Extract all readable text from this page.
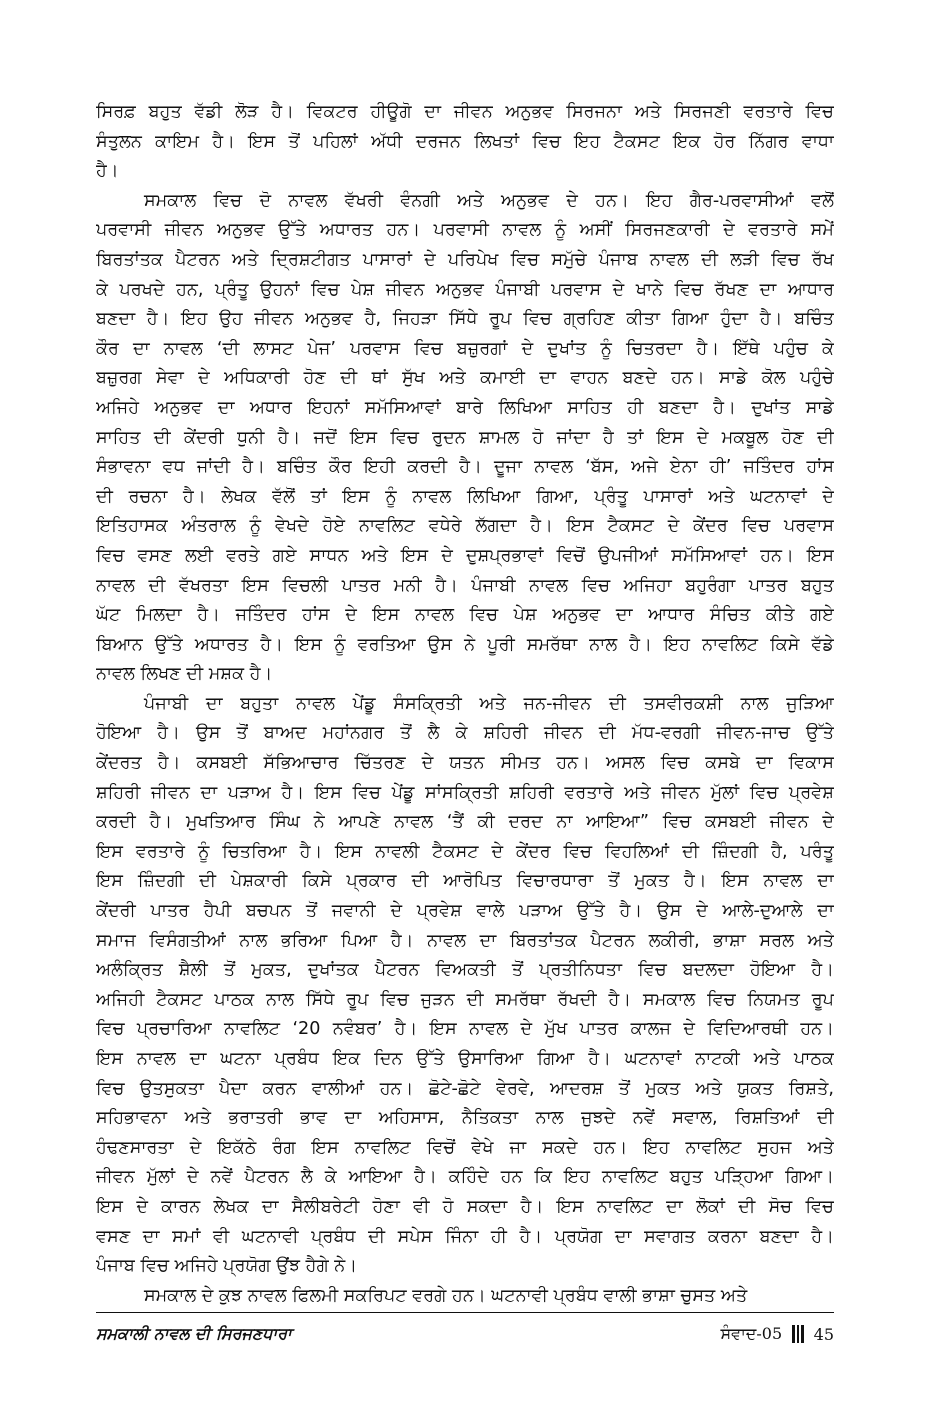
ਸਿਰਫ਼ ਬਹੁਤ ਵੱਡੀ ਲੋੜ ਹੈ। ਵਿਕਟਰ ਹੀਊਗੋ ਦਾ ਜੀਵਨ ਅਨੁਭਵ ਸਿਰਜਨਾ ਅਤੇ ਸਿਰਜਣੀ ਵਰਤਾਰੇ ਵਿਚ
ਸੰਤੁਲਨ ਕਾਇਮ ਹੈ। ਇਸ ਤੋਂ ਪਹਿਲਾਂ ਅੱਧੀ ਦਰਜਨ ਲਿਖਤਾਂ ਵਿਚ ਇਹ ਟੈਕਸਟ ਇਕ ਹੋਰ ਨਿੱਗਰ ਵਾਧਾ
ਹੈ।

ਸਮਕਾਲ ਵਿਚ ਦੋ ਨਾਵਲ ਵੱਖਰੀ ਵੰਨਗੀ ਅਤੇ ਅਨੁਭਵ ਦੇ ਹਨ। ਇਹ ਗੈਰ-ਪਰਵਾਸੀਆਂ ਵਲੋਂ
ਪਰਵਾਸੀ ਜੀਵਨ ਅਨੁਭਵ ਉੱਤੇ ਅਧਾਰਤ ਹਨ। ਪਰਵਾਸੀ ਨਾਵਲ ਨੂੰ ਅਸੀਂ ਸਿਰਜਣਕਾਰੀ ਦੇ ਵਰਤਾਰੇ ਸਮੇਂ
ਬਿਰਤਾਂਤਕ ਪੈਟਰਨ ਅਤੇ ਦ੍ਰਿਸ਼ਟੀਗਤ ਪਾਸਾਰਾਂ ਦੇ ਪਰਿਪੇਖ ਵਿਚ ਸਮੁੱਚੇ ਪੰਜਾਬ ਨਾਵਲ ਦੀ ਲੜੀ ਵਿਚ ਰੱਖ
ਕੇ ਪਰਖਦੇ ਹਨ, ਪ੍ਰੰਤੂ ਉਹਨਾਂ ਵਿਚ ਪੇਸ਼ ਜੀਵਨ ਅਨੁਭਵ ਪੰਜਾਬੀ ਪਰਵਾਸ ਦੇ ਖਾਨੇ ਵਿਚ ਰੱਖਣ ਦਾ ਆਧਾਰ
ਬਣਦਾ ਹੈ। ਇਹ ਉਹ ਜੀਵਨ ਅਨੁਭਵ ਹੈ, ਜਿਹੜਾ ਸਿੱਧੇ ਰੂਪ ਵਿਚ ਗ੍ਰਹਿਣ ਕੀਤਾ ਗਿਆ ਹੁੰਦਾ ਹੈ। ਬਚਿੰਤ
ਕੌਰ ਦਾ ਨਾਵਲ ‘ਦੀ ਲਾਸਟ ਪੇਜ’ ਪਰਵਾਸ ਵਿਚ ਬਜ਼ੁਰਗਾਂ ਦੇ ਦੁਖਾਂਤ ਨੂੰ ਚਿਤਰਦਾ ਹੈ। ਇੱਥੇ ਪਹੁੰਚ ਕੇ
ਬਜ਼ੁਰਗ ਸੇਵਾ ਦੇ ਅਧਿਕਾਰੀ ਹੋਣ ਦੀ ਥਾਂ ਸੁੱਖ ਅਤੇ ਕਮਾਈ ਦਾ ਵਾਹਨ ਬਣਦੇ ਹਨ। ਸਾਡੇ ਕੋਲ ਪਹੁੰਚੇ
ਅਜਿਹੇ ਅਨੁਭਵ ਦਾ ਅਧਾਰ ਇਹਨਾਂ ਸਮੱਸਿਆਵਾਂ ਬਾਰੇ ਲਿਖਿਆ ਸਾਹਿਤ ਹੀ ਬਣਦਾ ਹੈ। ਦੁਖਾਂਤ ਸਾਡੇ
ਸਾਹਿਤ ਦੀ ਕੇਂਦਰੀ ਧੁਨੀ ਹੈ। ਜਦੋਂ ਇਸ ਵਿਚ ਰੁਦਨ ਸ਼ਾਮਲ ਹੋ ਜਾਂਦਾ ਹੈ ਤਾਂ ਇਸ ਦੇ ਮਕਬੂਲ ਹੋਣ ਦੀ
ਸੰਭਾਵਨਾ ਵਧ ਜਾਂਦੀ ਹੈ। ਬਚਿੰਤ ਕੌਰ ਇਹੀ ਕਰਦੀ ਹੈ। ਦੂਜਾ ਨਾਵਲ ‘ਬੱਸ, ਅਜੇ ਏਨਾ ਹੀ’ ਜਤਿੰਦਰ ਹਾਂਸ
ਦੀ ਰਚਨਾ ਹੈ। ਲੇਖਕ ਵੱਲੋਂ ਤਾਂ ਇਸ ਨੂੰ ਨਾਵਲ ਲਿਖਿਆ ਗਿਆ, ਪ੍ਰੰਤੂ ਪਾਸਾਰਾਂ ਅਤੇ ਘਟਨਾਵਾਂ ਦੇ
ਇਤਿਹਾਸਕ ਅੰਤਰਾਲ ਨੂੰ ਵੇਖਦੇ ਹੋਏ ਨਾਵਲਿਟ ਵਧੇਰੇ ਲੱਗਦਾ ਹੈ। ਇਸ ਟੈਕਸਟ ਦੇ ਕੇਂਦਰ ਵਿਚ ਪਰਵਾਸ
ਵਿਚ ਵਸਣ ਲਈ ਵਰਤੇ ਗਏ ਸਾਧਨ ਅਤੇ ਇਸ ਦੇ ਦੁਸ਼ਪ੍ਰਭਾਵਾਂ ਵਿਚੋਂ ਉਪਜੀਆਂ ਸਮੱਸਿਆਵਾਂ ਹਨ। ਇਸ
ਨਾਵਲ ਦੀ ਵੱਖਰਤਾ ਇਸ ਵਿਚਲੀ ਪਾਤਰ ਮਨੀ ਹੈ। ਪੰਜਾਬੀ ਨਾਵਲ ਵਿਚ ਅਜਿਹਾ ਬਹੁਰੰਗਾ ਪਾਤਰ ਬਹੁਤ
ਘੱਟ ਮਿਲਦਾ ਹੈ। ਜਤਿੰਦਰ ਹਾਂਸ ਦੇ ਇਸ ਨਾਵਲ ਵਿਚ ਪੇਸ਼ ਅਨੁਭਵ ਦਾ ਆਧਾਰ ਸੰਚਿਤ ਕੀਤੇ ਗਏ
ਬਿਆਨ ਉੱਤੇ ਅਧਾਰਤ ਹੈ। ਇਸ ਨੂੰ ਵਰਤਿਆ ਉਸ ਨੇ ਪੂਰੀ ਸਮਰੱਥਾ ਨਾਲ ਹੈ। ਇਹ ਨਾਵਲਿਟ ਕਿਸੇ ਵੱਡੇ
ਨਾਵਲ ਲਿਖਣ ਦੀ ਮਸ਼ਕ ਹੈ।

ਪੰਜਾਬੀ ਦਾ ਬਹੁਤਾ ਨਾਵਲ ਪੇਂਡੂ ਸੰਸਕ੍ਰਿਤੀ ਅਤੇ ਜਨ-ਜੀਵਨ ਦੀ ਤਸਵੀਰਕਸ਼ੀ ਨਾਲ ਜੁੜਿਆ
ਹੋਇਆ ਹੈ। ਉਸ ਤੋਂ ਬਾਅਦ ਮਹਾਂਨਗਰ ਤੋਂ ਲੈ ਕੇ ਸ਼ਹਿਰੀ ਜੀਵਨ ਦੀ ਮੱਧ-ਵਰਗੀ ਜੀਵਨ-ਜਾਚ ਉੱਤੇ
ਕੇਂਦਰਤ ਹੈ। ਕਸਬਈ ਸੱਭਿਆਚਾਰ ਚਿੱਤਰਣ ਦੇ ਯਤਨ ਸੀਮਤ ਹਨ। ਅਸਲ ਵਿਚ ਕਸਬੇ ਦਾ ਵਿਕਾਸ
ਸ਼ਹਿਰੀ ਜੀਵਨ ਦਾ ਪੜਾਅ ਹੈ। ਇਸ ਵਿਚ ਪੇਂਡੂ ਸਾਂਸਕ੍ਰਿਤੀ ਸ਼ਹਿਰੀ ਵਰਤਾਰੇ ਅਤੇ ਜੀਵਨ ਮੁੱਲਾਂ ਵਿਚ ਪ੍ਰਵੇਸ਼
ਕਰਦੀ ਹੈ। ਮੁਖਤਿਆਰ ਸਿੰਘ ਨੇ ਆਪਣੇ ਨਾਵਲ ‘ਤੈਂ ਕੀ ਦਰਦ ਨਾ ਆਇਆ” ਵਿਚ ਕਸਬਈ ਜੀਵਨ ਦੇ
ਇਸ ਵਰਤਾਰੇ ਨੂੰ ਚਿਤਰਿਆ ਹੈ। ਇਸ ਨਾਵਲੀ ਟੈਕਸਟ ਦੇ ਕੇਂਦਰ ਵਿਚ ਵਿਹਲਿਆਂ ਦੀ ਜ਼ਿੰਦਗੀ ਹੈ, ਪਰੰਤੂ
ਇਸ ਜ਼ਿੰਦਗੀ ਦੀ ਪੇਸ਼ਕਾਰੀ ਕਿਸੇ ਪ੍ਰਕਾਰ ਦੀ ਆਰੋਪਿਤ ਵਿਚਾਰਧਾਰਾ ਤੋਂ ਮੁਕਤ ਹੈ। ਇਸ ਨਾਵਲ ਦਾ
ਕੇਂਦਰੀ ਪਾਤਰ ਹੈਪੀ ਬਚਪਨ ਤੋਂ ਜਵਾਨੀ ਦੇ ਪ੍ਰਵੇਸ਼ ਵਾਲੇ ਪੜਾਅ ਉੱਤੇ ਹੈ। ਉਸ ਦੇ ਆਲੇ-ਦੁਆਲੇ ਦਾ
ਸਮਾਜ ਵਿਸੰਗਤੀਆਂ ਨਾਲ ਭਰਿਆ ਪਿਆ ਹੈ। ਨਾਵਲ ਦਾ ਬਿਰਤਾਂਤਕ ਪੈਟਰਨ ਲਕੀਰੀ, ਭਾਸ਼ਾ ਸਰਲ ਅਤੇ
ਅਲੰਕ੍ਰਿਤ ਸ਼ੈਲੀ ਤੋਂ ਮੁਕਤ, ਦੁਖਾਂਤਕ ਪੈਟਰਨ ਵਿਅਕਤੀ ਤੋਂ ਪ੍ਰਤੀਨਿਧਤਾ ਵਿਚ ਬਦਲਦਾ ਹੋਇਆ ਹੈ।
ਅਜਿਹੀ ਟੈਕਸਟ ਪਾਠਕ ਨਾਲ ਸਿੱਧੇ ਰੂਪ ਵਿਚ ਜੁੜਨ ਦੀ ਸਮਰੱਥਾ ਰੱਖਦੀ ਹੈ। ਸਮਕਾਲ ਵਿਚ ਨਿਯਮਤ ਰੂਪ
ਵਿਚ ਪ੍ਰਚਾਰਿਆ ਨਾਵਲਿਟ ‘20 ਨਵੰਬਰ’ ਹੈ। ਇਸ ਨਾਵਲ ਦੇ ਮੁੱਖ ਪਾਤਰ ਕਾਲਜ ਦੇ ਵਿਦਿਆਰਥੀ ਹਨ।
ਇਸ ਨਾਵਲ ਦਾ ਘਟਨਾ ਪ੍ਰਬੰਧ ਇਕ ਦਿਨ ਉੱਤੇ ਉਸਾਰਿਆ ਗਿਆ ਹੈ। ਘਟਨਾਵਾਂ ਨਾਟਕੀ ਅਤੇ ਪਾਠਕ
ਵਿਚ ਉਤਸੁਕਤਾ ਪੈਦਾ ਕਰਨ ਵਾਲੀਆਂ ਹਨ। ਛੋਟੇ-ਛੋਟੇ ਵੇਰਵੇ, ਆਦਰਸ਼ ਤੋਂ ਮੁਕਤ ਅਤੇ ਯੁਕਤ ਰਿਸ਼ਤੇ,
ਸਹਿਭਾਵਨਾ ਅਤੇ ਭਰਾਤਰੀ ਭਾਵ ਦਾ ਅਹਿਸਾਸ, ਨੈਤਿਕਤਾ ਨਾਲ ਜੁਝਦੇ ਨਵੇਂ ਸਵਾਲ, ਰਿਸ਼ਤਿਆਂ ਦੀ
ਹੰਢਣਸਾਰਤਾ ਦੇ ਇਕੱਠੇ ਰੰਗ ਇਸ ਨਾਵਲਿਟ ਵਿਚੋਂ ਵੇਖੇ ਜਾ ਸਕਦੇ ਹਨ। ਇਹ ਨਾਵਲਿਟ ਸੁਹਜ ਅਤੇ
ਜੀਵਨ ਮੁੱਲਾਂ ਦੇ ਨਵੇਂ ਪੈਟਰਨ ਲੈ ਕੇ ਆਇਆ ਹੈ। ਕਹਿੰਦੇ ਹਨ ਕਿ ਇਹ ਨਾਵਲਿਟ ਬਹੁਤ ਪੜ੍ਹਿਆ ਗਿਆ।
ਇਸ ਦੇ ਕਾਰਨ ਲੇਖਕ ਦਾ ਸੈਲੀਬਰੇਟੀ ਹੋਣਾ ਵੀ ਹੋ ਸਕਦਾ ਹੈ। ਇਸ ਨਾਵਲਿਟ ਦਾ ਲੋਕਾਂ ਦੀ ਸੋਚ ਵਿਚ
ਵਸਣ ਦਾ ਸਮਾਂ ਵੀ ਘਟਨਾਵੀ ਪ੍ਰਬੰਧ ਦੀ ਸਪੇਸ ਜਿੰਨਾ ਹੀ ਹੈ। ਪ੍ਰਯੋਗ ਦਾ ਸਵਾਗਤ ਕਰਨਾ ਬਣਦਾ ਹੈ।
ਪੰਜਾਬ ਵਿਚ ਅਜਿਹੇ ਪ੍ਰਯੋਗ ਉਂਝ ਹੈਗੇ ਨੇ।

ਸਮਕਾਲ ਦੇ ਕੁਝ ਨਾਵਲ ਫਿਲਮੀ ਸਕਰਿਪਟ ਵਰਗੇ ਹਨ। ਘਟਨਾਵੀ ਪ੍ਰਬੰਧ ਵਾਲੀ ਭਾਸ਼ਾ ਚੁਸਤ ਅਤੇ

ਸਮਕਾਲੀ ਨਾਵਲ ਦੀ ਸਿਰਜਣਧਾਰਾ	ਸੰਵਾਦ-05 45
